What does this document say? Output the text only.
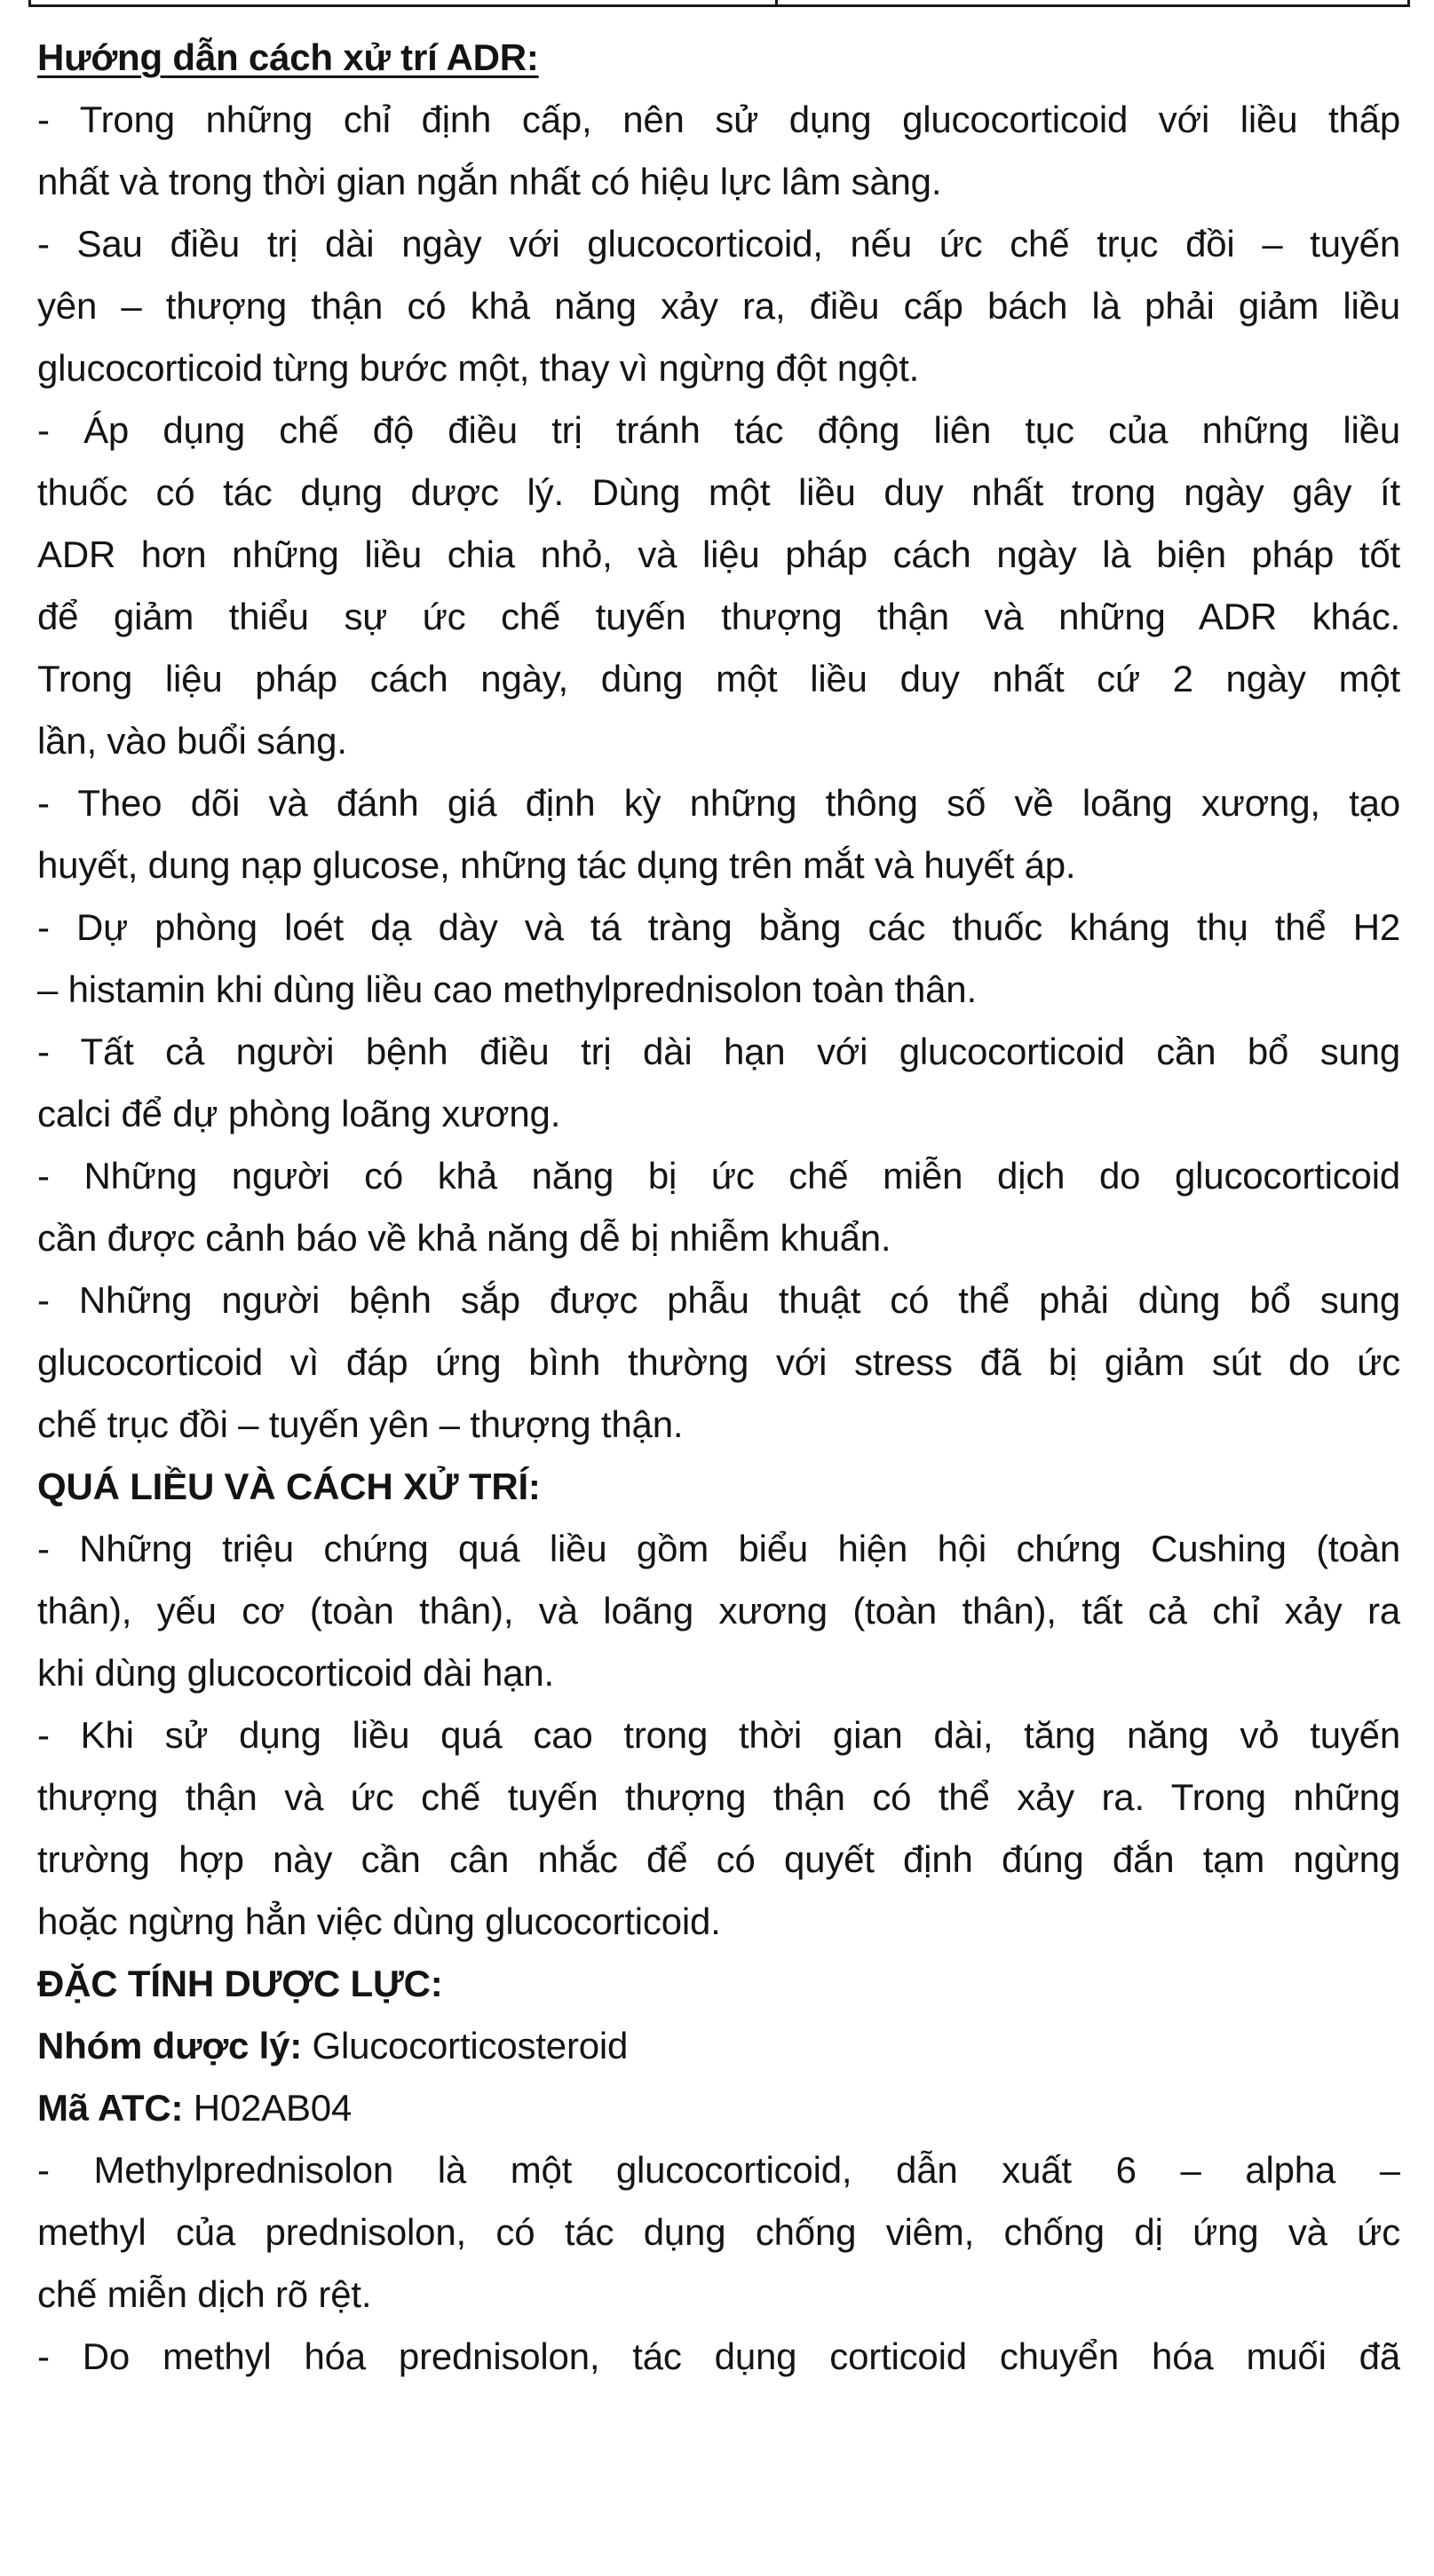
Hướng dẫn cách xử trí ADR:
- Trong những chỉ định cấp, nên sử dụng glucocorticoid với liều thấp
nhất và trong thời gian ngắn nhất có hiệu lực lâm sàng.
- Sau điều trị dài ngày với glucocorticoid, nếu ức chế trục đồi – tuyến
yên – thượng thận có khả năng xảy ra, điều cấp bách là phải giảm liều
glucocorticoid từng bước một, thay vì ngừng đột ngột.
- Áp dụng chế độ điều trị tránh tác động liên tục của những liều
thuốc có tác dụng dược lý. Dùng một liều duy nhất trong ngày gây ít
ADR hơn những liều chia nhỏ, và liệu pháp cách ngày là biện pháp tốt
để giảm thiểu sự ức chế tuyến thượng thận và những ADR khác.
Trong liệu pháp cách ngày, dùng một liều duy nhất cứ 2 ngày một
lần, vào buổi sáng.
- Theo dõi và đánh giá định kỳ những thông số về loãng xương, tạo
huyết, dung nạp glucose, những tác dụng trên mắt và huyết áp.
- Dự phòng loét dạ dày và tá tràng bằng các thuốc kháng thụ thể H2
– histamin khi dùng liều cao methylprednisolon toàn thân.
- Tất cả người bệnh điều trị dài hạn với glucocorticoid cần bổ sung
calci để dự phòng loãng xương.
- Những người có khả năng bị ức chế miễn dịch do glucocorticoid
cần được cảnh báo về khả năng dễ bị nhiễm khuẩn.
- Những người bệnh sắp được phẫu thuật có thể phải dùng bổ sung
glucocorticoid vì đáp ứng bình thường với stress đã bị giảm sút do ức
chế trục đồi – tuyến yên – thượng thận.
QUÁ LIỀU VÀ CÁCH XỬ TRÍ:
- Những triệu chứng quá liều gồm biểu hiện hội chứng Cushing (toàn
thân), yếu cơ (toàn thân), và loãng xương (toàn thân), tất cả chỉ xảy ra
khi dùng glucocorticoid dài hạn.
- Khi sử dụng liều quá cao trong thời gian dài, tăng năng vỏ tuyến
thượng thận và ức chế tuyến thượng thận có thể xảy ra. Trong những
trường hợp này cần cân nhắc để có quyết định đúng đắn tạm ngừng
hoặc ngừng hẳn việc dùng glucocorticoid.
ĐẶC TÍNH DƯỢC LỰC:
Nhóm dược lý: Glucocorticosteroid
Mã ATC: H02AB04
- Methylprednisolon là một glucocorticoid, dẫn xuất 6 – alpha –
methyl của prednisolon, có tác dụng chống viêm, chống dị ứng và ức
chế miễn dịch rõ rệt.
- Do methyl hóa prednisolon, tác dụng corticoid chuyển hóa muối đã
